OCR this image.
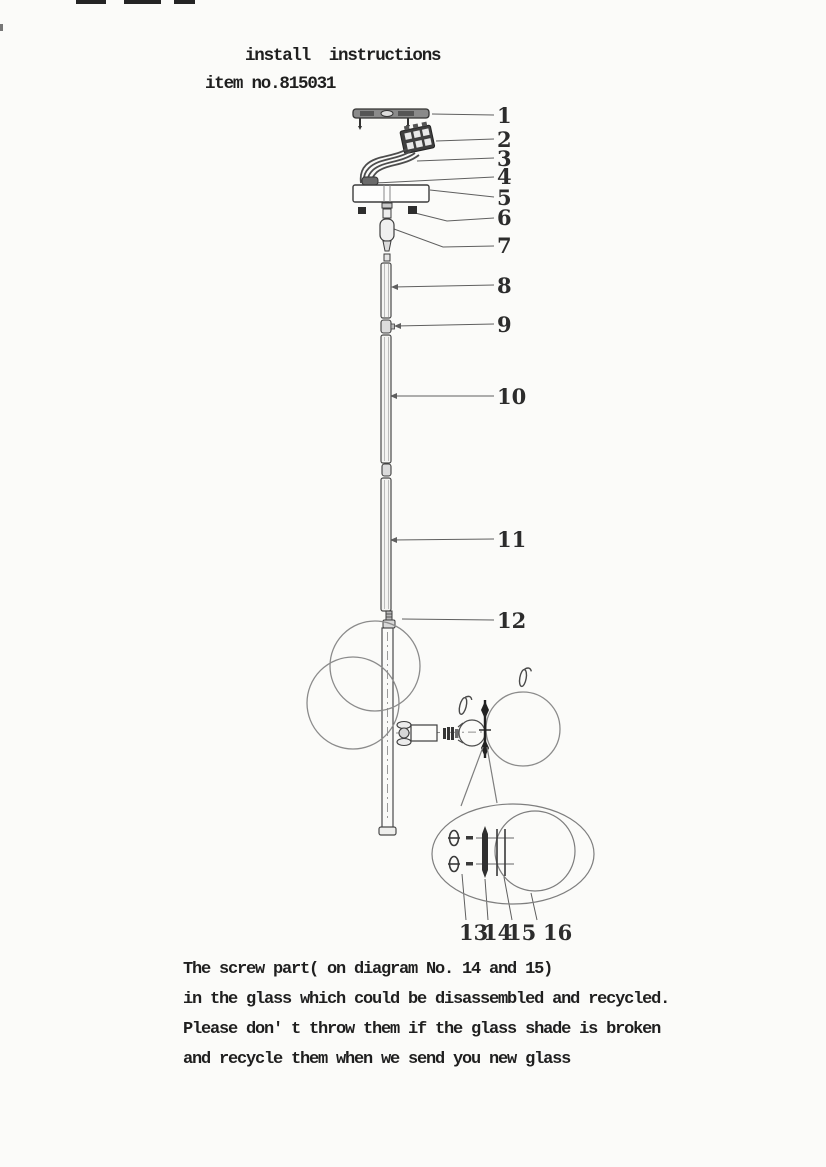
install  instructions
item no.815031
1
2
3
4
5
6
7
8
9
10
11
12
13
14
15 16
The screw part( on diagram No. 14 and 15)
in the glass which could be disassembled and recycled.
Please don' t throw them if the glass shade is broken
and recycle them when we send you new glass
